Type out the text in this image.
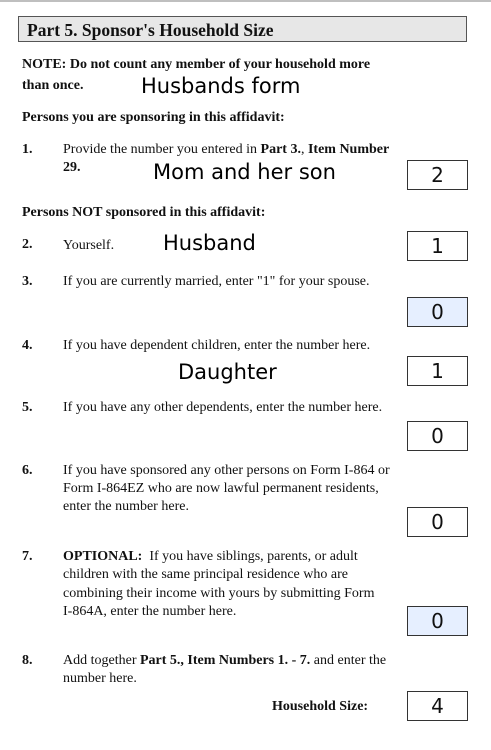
Part 5. Sponsor's Household Size
NOTE: Do not count any member of your household more
than once.	Husbands form
Persons you are sponsoring in this affidavit:
1. Provide the number you entered in Part 3., Item Number
29.	Mom and her son	2
Persons NOT sponsored in this affidavit:
2. Yourself. Husband	1
3. If you are currently married, enter "1" for your spouse.
0
4. If you have dependent children, enter the number here.
Daughter	1
5. If you have any other dependents, enter the number here.
0
6. If you have sponsored any other persons on Form I-864 or
Form I-864EZ who are now lawful permanent residents,
enter the number here.
0
7. OPTIONAL:  If you have siblings, parents, or adult
children with the same principal residence who are
combining their income with yours by submitting Form
I-864A, enter the number here.	0
8. Add together Part 5., Item Numbers 1. - 7. and enter the
number here.
Household Size:	4
